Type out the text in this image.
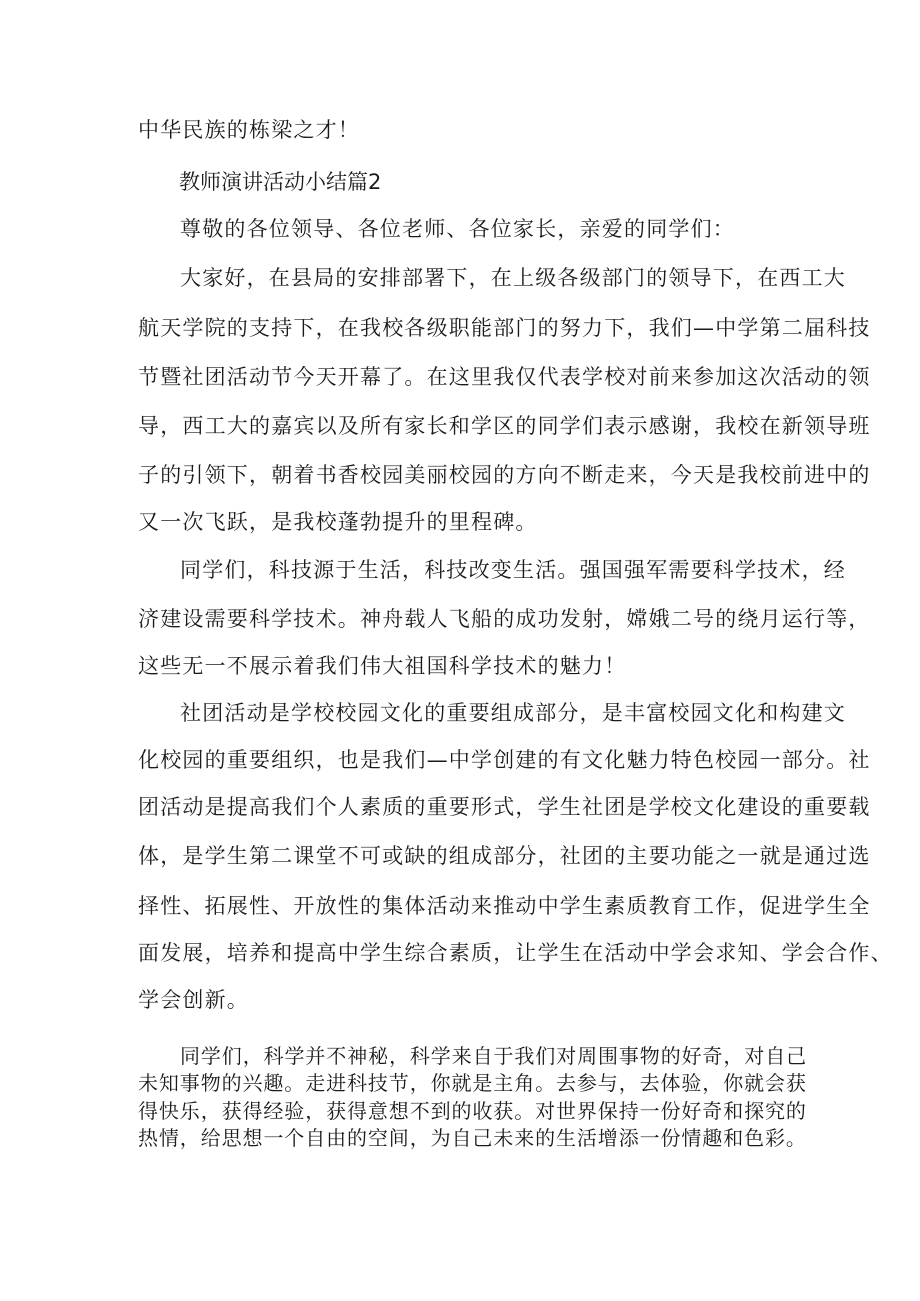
中华民族的栋梁之才！

教师演讲活动小结篇2

尊敬的各位领导、各位老师、各位家长，亲爱的同学们：

大家好，在县局的安排部署下，在上级各级部门的领导下，在西工大

航天学院的支持下，在我校各级职能部门的努力下，我们—中学第二届科技

节暨社团活动节今天开幕了。在这里我仅代表学校对前来参加这次活动的领

导，西工大的嘉宾以及所有家长和学区的同学们表示感谢，我校在新领导班

子的引领下，朝着书香校园美丽校园的方向不断走来，今天是我校前进中的

又一次飞跃，是我校蓬勃提升的里程碑。

同学们，科技源于生活，科技改变生活。强国强军需要科学技术，经

济建设需要科学技术。神舟载人飞船的成功发射，嫦娥二号的绕月运行等，

这些无一不展示着我们伟大祖国科学技术的魅力！

社团活动是学校校园文化的重要组成部分，是丰富校园文化和构建文

化校园的重要组织，也是我们—中学创建的有文化魅力特色校园一部分。社

团活动是提高我们个人素质的重要形式，学生社团是学校文化建设的重要载

体，是学生第二课堂不可或缺的组成部分，社团的主要功能之一就是通过选

择性、拓展性、开放性的集体活动来推动中学生素质教育工作，促进学生全

面发展，培养和提高中学生综合素质，让学生在活动中学会求知、学会合作、

学会创新。

同学们，科学并不神秘，科学来自于我们对周围事物的好奇，对自己

未知事物的兴趣。走进科技节，你就是主角。去参与，去体验，你就会获

得快乐，获得经验，获得意想不到的收获。对世界保持一份好奇和探究的

热情，给思想一个自由的空间，为自己未来的生活增添一份情趣和色彩。
